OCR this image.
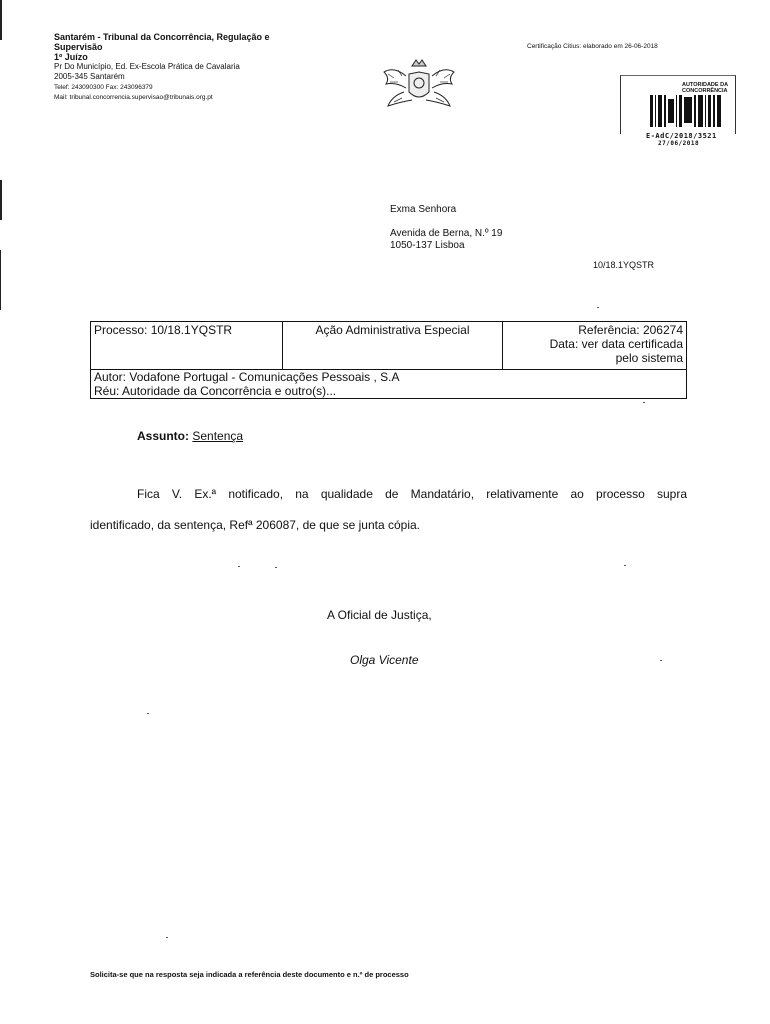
Santarém - Tribunal da Concorrência, Regulação e
Supervisão
1º Juízo
Pr Do Município, Ed. Ex-Escola Prática de Cavalaria
2005-345 Santarém
Telef: 243090300 Fax: 243096379
Mail: tribunal.concorrencia.supervisao@tribunais.org.pt
Certificação Citius: elaborado em 26-06-2018
AUTORIDADE DA
CONCORRÊNCIA
E-AdC/2018/3521
27/06/2018
Exma Senhora
Avenida de Berna, N.º 19
1050-137 Lisboa
10/18.1YQSTR
Processo: 10/18.1YQSTR	Ação Administrativa Especial	Referência: 206274
Data: ver data certificada
pelo sistema
Autor: Vodafone Portugal - Comunicações Pessoais , S.A
Réu: Autoridade da Concorrência e outro(s)...
Assunto: Sentença
Fica V. Ex.ª notificado, na qualidade de Mandatário, relativamente ao processo supra
identificado, da sentença, Refª 206087, de que se junta cópia.
A Oficial de Justiça,
Olga Vicente
Solicita-se que na resposta seja indicada a referência deste documento e n.º de processo
